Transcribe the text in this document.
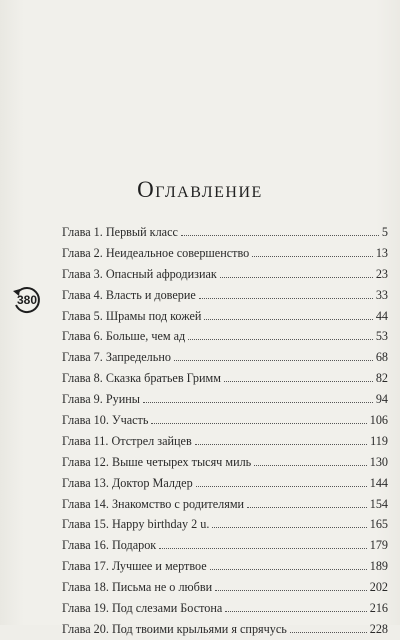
380
Оглавление
Глава 1. Первый класс	5
Глава 2. Неидеальное совершенство	13
Глава 3. Опасный афродизиак	23
Глава 4. Власть и доверие	33
Глава 5. Шрамы под кожей	44
Глава 6. Больше, чем ад	53
Глава 7. Запредельно	68
Глава 8. Сказка братьев Гримм	82
Глава 9. Руины	94
Глава 10. Участь	106
Глава 11. Отстрел зайцев	119
Глава 12. Выше четырех тысяч миль	130
Глава 13. Доктор Малдер	144
Глава 14. Знакомство с родителями	154
Глава 15. Happy birthday 2 u.	165
Глава 16. Подарок	179
Глава 17. Лучшее и мертвое	189
Глава 18. Письма не о любви	202
Глава 19. Под слезами Бостона	216
Глава 20. Под твоими крыльями я спрячусь	228
